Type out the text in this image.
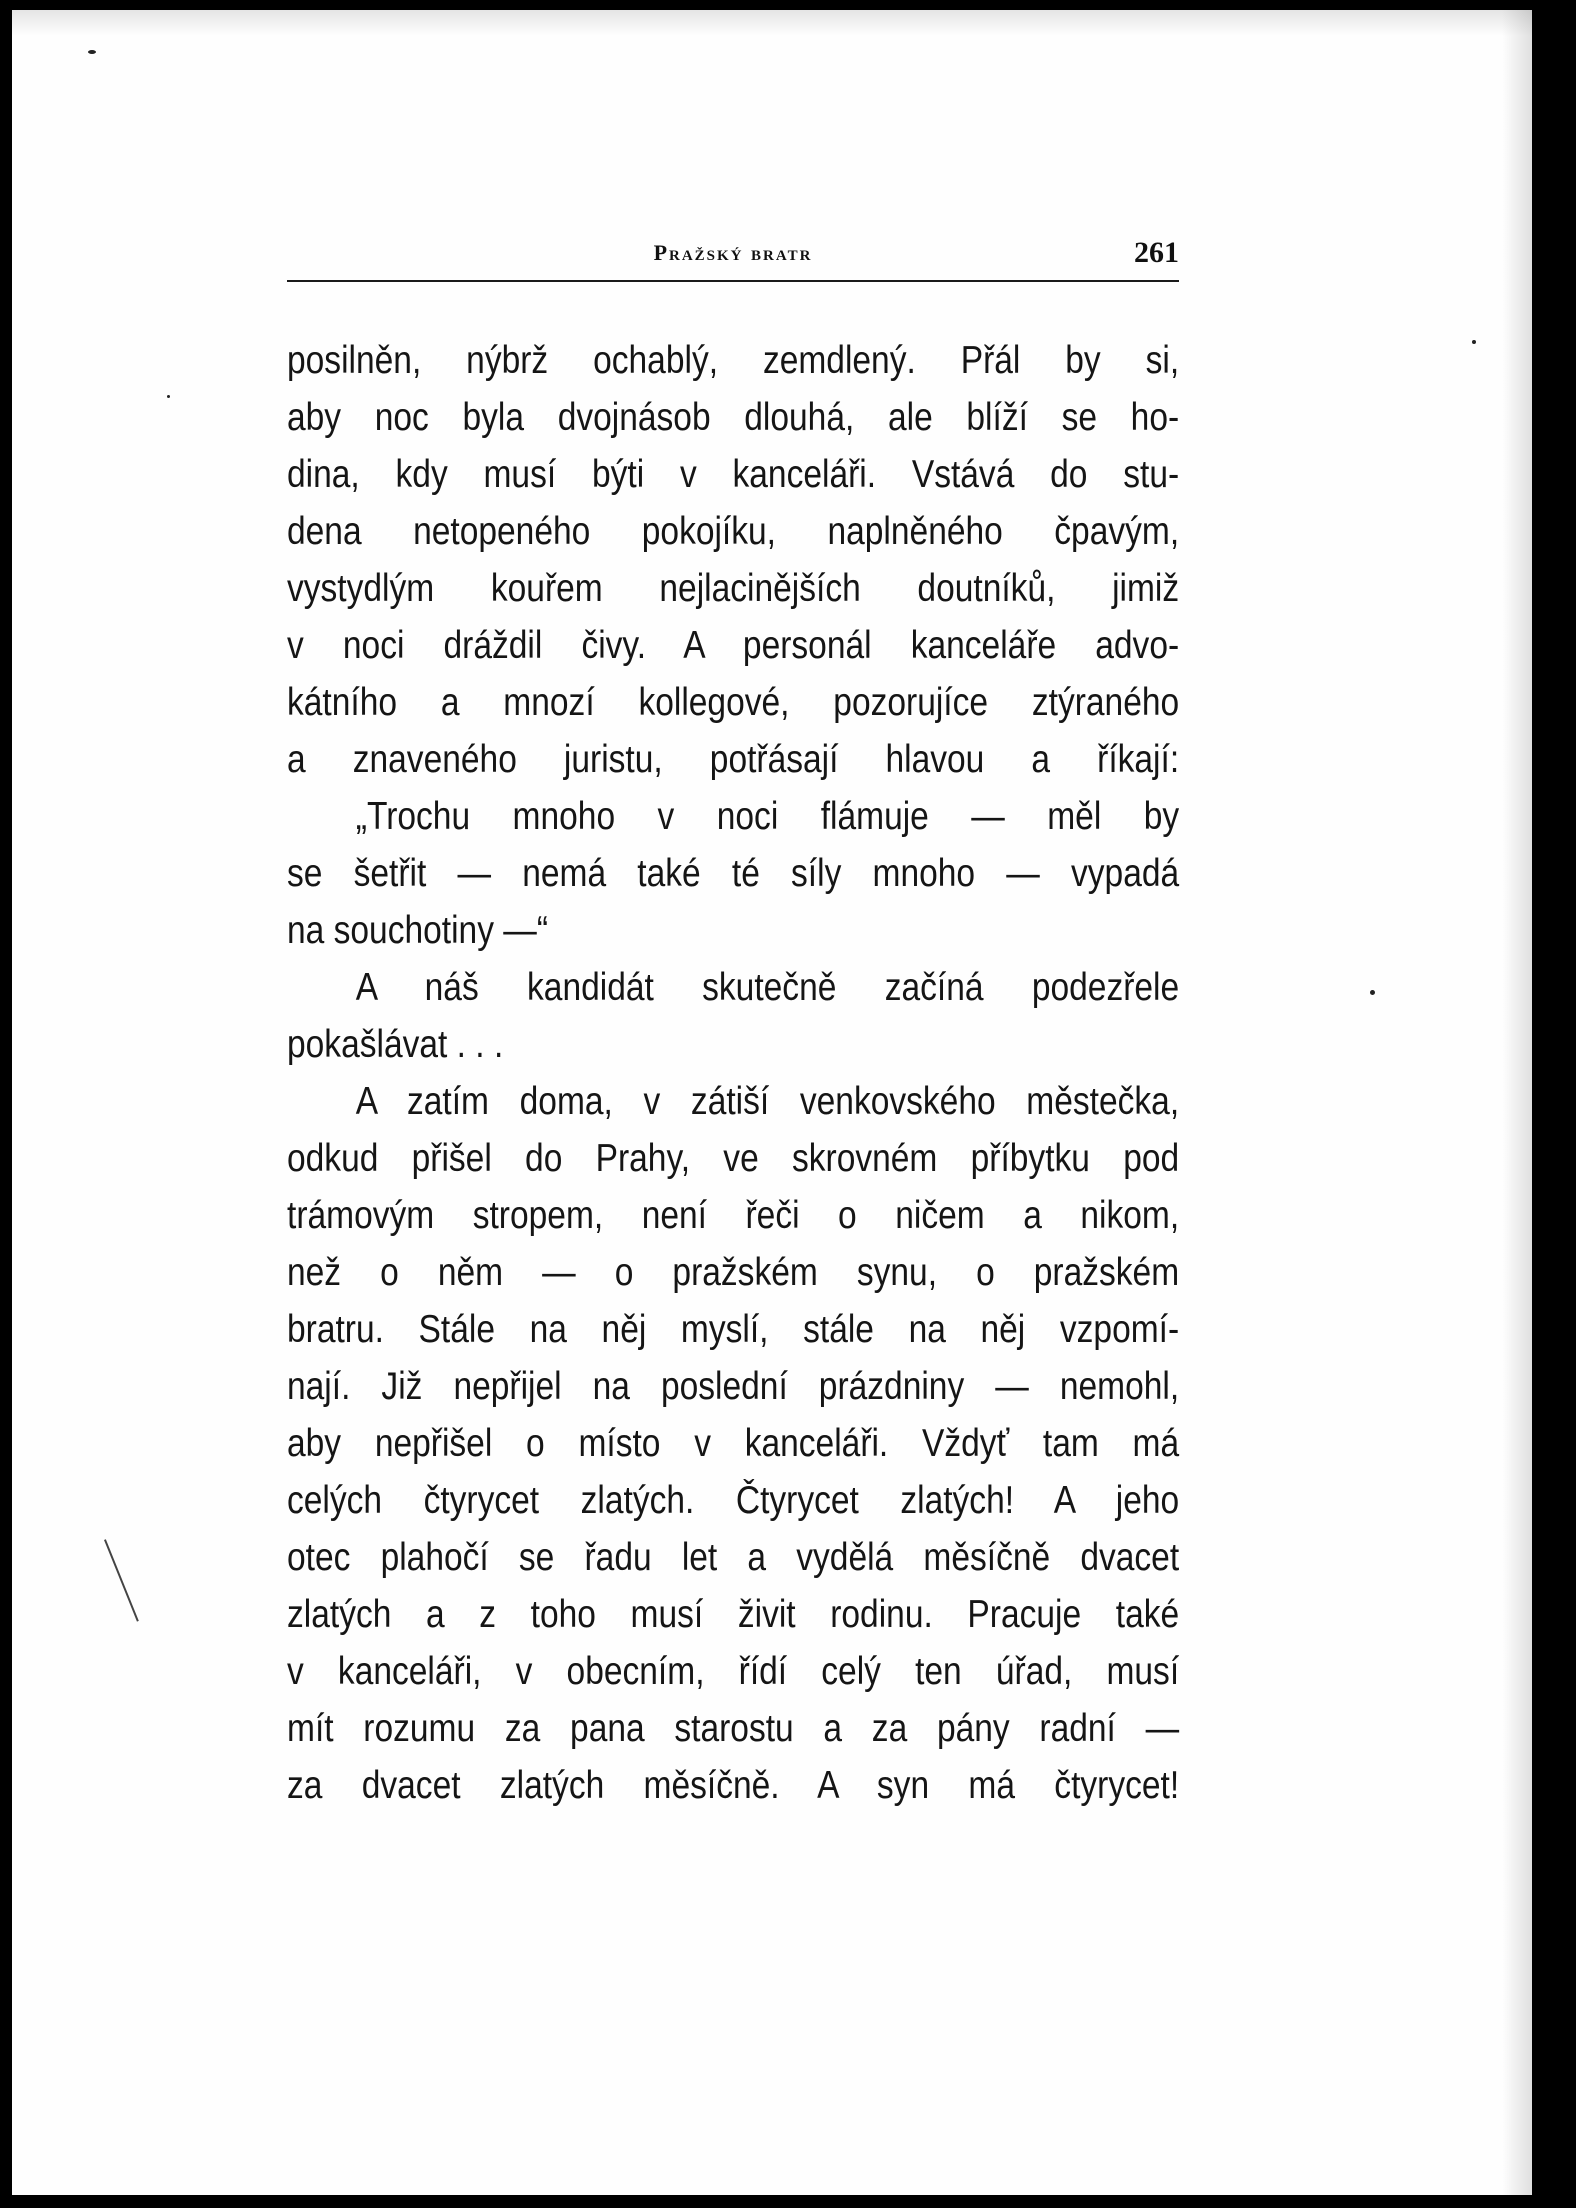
Pražský bratr	261
posilněn, nýbrž ochablý, zemdlený. Přál by si,
aby noc byla dvojnásob dlouhá, ale blíží se ho-
dina, kdy musí býti v kanceláři. Vstává do stu-
dena netopeného pokojíku, naplněného čpavým,
vystydlým kouřem nejlacinějších doutníků, jimiž
v noci dráždil čivy. A personál kanceláře advo-
kátního a mnozí kollegové, pozorujíce ztýraného
a znaveného juristu, potřásají hlavou a říkají:
„Trochu mnoho v noci flámuje — měl by
se šetřit — nemá také té síly mnoho — vypadá
na souchotiny —“
A náš kandidát skutečně začíná podezřele
pokašlávat . . .
A zatím doma, v zátiší venkovského městečka,
odkud přišel do Prahy, ve skrovném příbytku pod
trámovým stropem, není řeči o ničem a nikom,
než o něm — o pražském synu, o pražském
bratru. Stále na něj myslí, stále na něj vzpomí-
nají. Již nepřijel na poslední prázdniny — nemohl,
aby nepřišel o místo v kanceláři. Vždyť tam má
celých čtyrycet zlatých. Čtyrycet zlatých! A jeho
otec plahočí se řadu let a vydělá měsíčně dvacet
zlatých a z toho musí živit rodinu. Pracuje také
v kanceláři, v obecním, řídí celý ten úřad, musí
mít rozumu za pana starostu a za pány radní —
za dvacet zlatých měsíčně. A syn má čtyrycet!
